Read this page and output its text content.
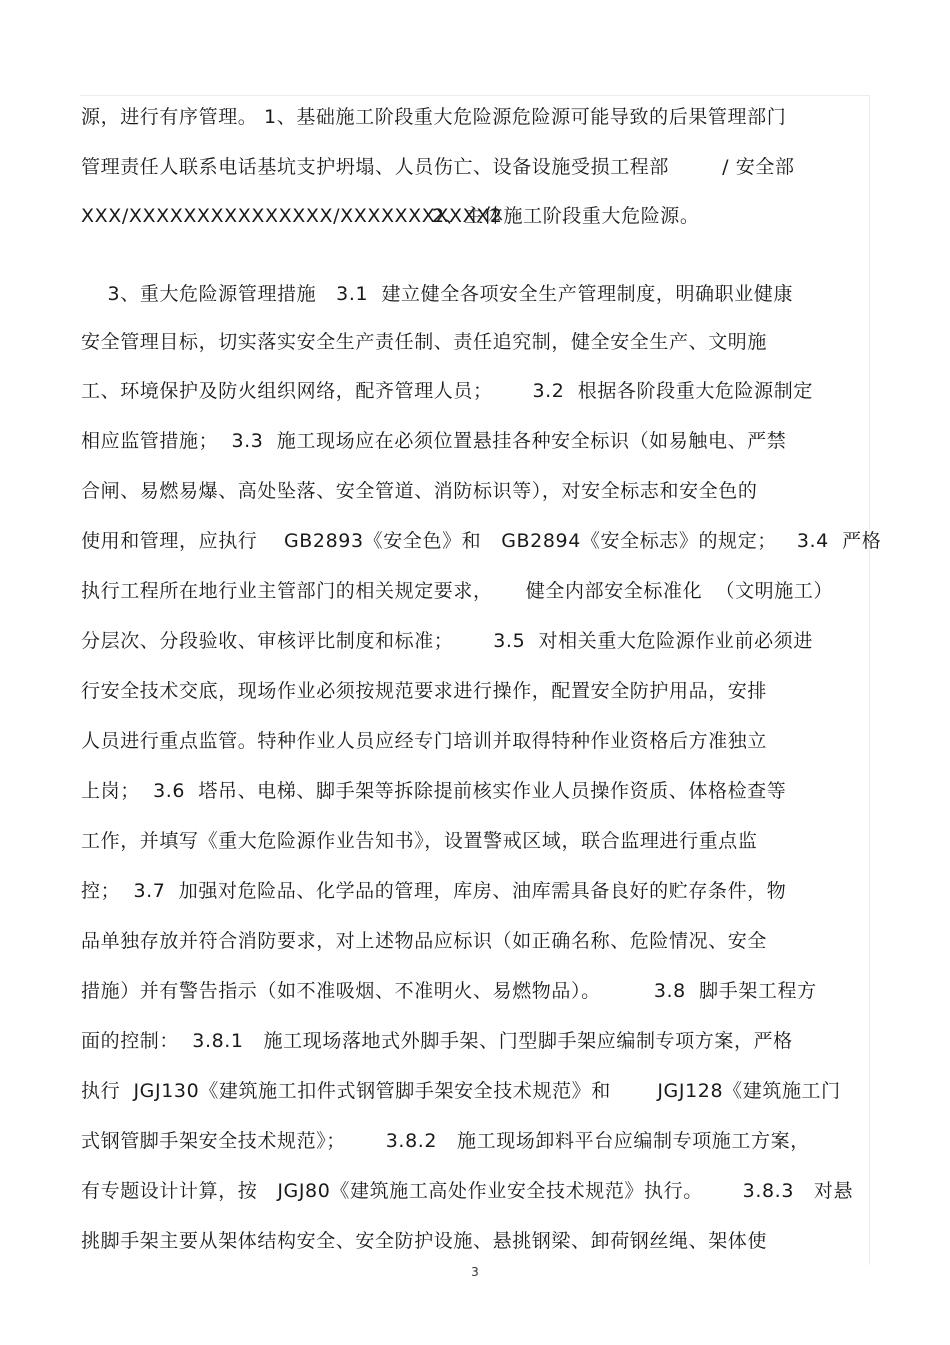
源，进行有序管理。 1、基础施工阶段重大危险源危险源可能导致的后果管理部门
管理责任人联系电话基坑支护坍塌、人员伤亡、设备设施受损工程部        / 安全部
XXX/XXXXXXXXXXXXXXX/XXXXXXXXXXX2
2、主体施工阶段重大危险源。
3、重大危险源管理措施   3.1  建立健全各项安全生产管理制度，明确职业健康
安全管理目标，切实落实安全生产责任制、责任追究制，健全安全生产、文明施
工、环境保护及防火组织网络，配齐管理人员；      3.2  根据各阶段重大危险源制定
相应监管措施；  3.3  施工现场应在必须位置悬挂各种安全标识（如易触电、严禁
合闸、易燃易爆、高处坠落、安全管道、消防标识等），对安全标志和安全色的
使用和管理，应执行    GB2893《安全色》和   GB2894《安全标志》的规定；   3.4  严格
执行工程所在地行业主管部门的相关规定要求，     健全内部安全标准化  （文明施工）
分层次、分段验收、审核评比制度和标准；      3.5  对相关重大危险源作业前必须进
行安全技术交底，现场作业必须按规范要求进行操作，配置安全防护用品，安排
人员进行重点监管。特种作业人员应经专门培训并取得特种作业资格后方准独立
上岗；  3.6  塔吊、电梯、脚手架等拆除提前核实作业人员操作资质、体格检查等
工作，并填写《重大危险源作业告知书》，设置警戒区域，联合监理进行重点监
控；  3.7  加强对危险品、化学品的管理，库房、油库需具备良好的贮存条件，物
品单独存放并符合消防要求，对上述物品应标识（如正确名称、危险情况、安全
措施）并有警告指示（如不准吸烟、不准明火、易燃物品）。        3.8  脚手架工程方
面的控制：  3.8.1   施工现场落地式外脚手架、门型脚手架应编制专项方案，严格
执行  JGJ130《建筑施工扣件式钢管脚手架安全技术规范》和       JGJ128《建筑施工门
式钢管脚手架安全技术规范》；      3.8.2   施工现场卸料平台应编制专项施工方案，
有专题设计计算，按   JGJ80《建筑施工高处作业安全技术规范》执行。      3.8.3   对悬
挑脚手架主要从架体结构安全、安全防护设施、悬挑钢梁、卸荷钢丝绳、架体使
3
